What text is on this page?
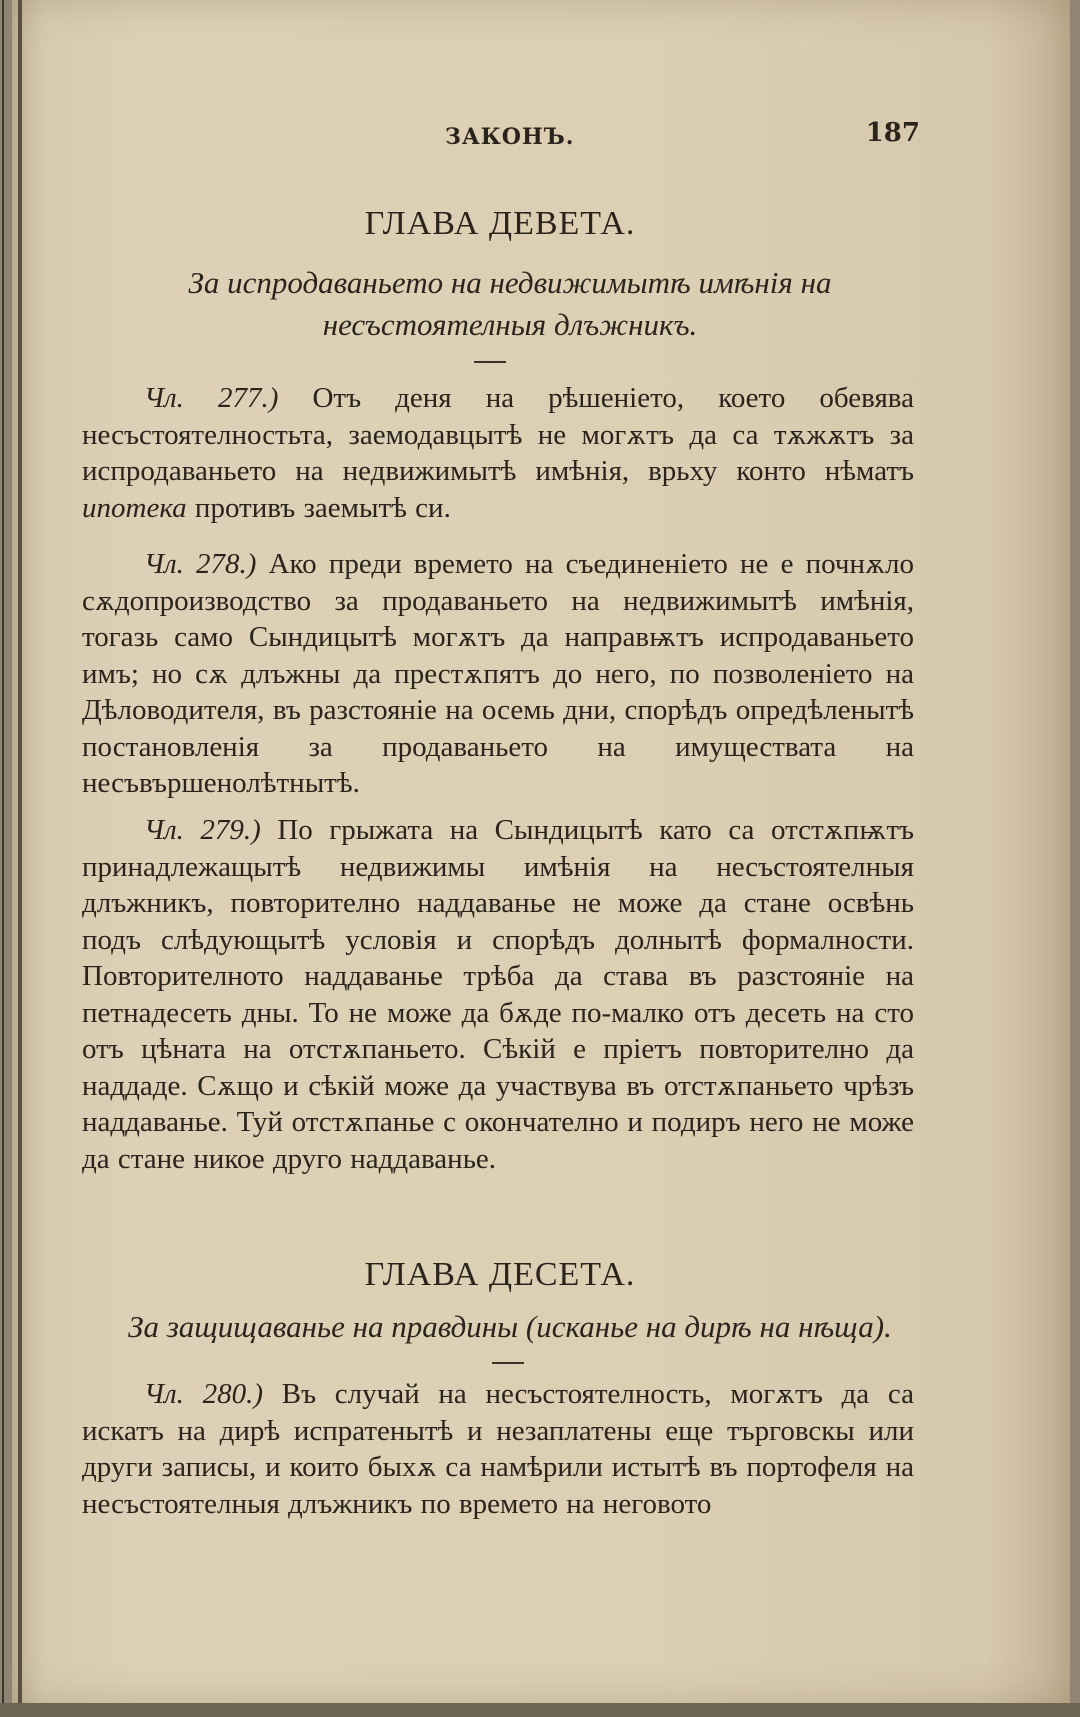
ЗАКОНЪ.	187
ГЛАВА ДЕВЕТА.
За испродаваньето на недвижимытѣ имѣнія на несъстоятелныя длъжникъ.

Чл. 277.) Отъ деня на рѣшеніето, което обевява несъстоятелностьта, заемодавцытѣ не могѫтъ да са тѫжѫтъ за испродаваньето на недвижимытѣ имѣнія, врьху конто нѣматъ ипотека противъ заемытѣ си.

Чл. 278.) Ако преди времето на съединеніето не е почнѫло сѫдопроизводство за продаваньето на недвижимытѣ имѣнія, тогазь само Сындицытѣ могѫтъ да направѭтъ испродаваньето имъ; но сѫ длъжны да престѫпятъ до него, по позволеніето на Дѣловодителя, въ разстояніе на осемь дни, спорѣдъ опредѣленытѣ постановленія за продаваньето на имуществата на несъвършенолѣтнытѣ.

Чл. 279.) По грыжата на Сындицытѣ като са отстѫпѭтъ принадлежащытѣ недвижимы имѣнія на несъстоятелныя длъжникъ, повторително наддаванье не може да стане освѣнь подъ слѣдующытѣ условія и спорѣдъ долнытѣ формалности. Повторителното наддаванье трѣба да става въ разстояніе на петнадесеть дны. То не може да бѫде по-малко отъ десеть на сто отъ цѣната на отстѫпаньето. Сѣкій е пріетъ повторително да наддаде. Сѫщо и сѣкій може да участвува въ отстѫпаньето чрѣзъ наддаванье. Туй отстѫпанье с окончателно и подиръ него не може да стане никое друго наддаванье.

ГЛАВА ДЕСЕТА.
За защищаванье на правдины (исканье на дирѣ на нѣща).

Чл. 280.) Въ случай на несъстоятелность, могѫтъ да са искатъ на дирѣ испратенытѣ и незаплатены еще търговскы или други записы, и които быхѫ са намѣрили истытѣ въ портофеля на несъстоятелныя длъжникъ по времето на неговото
